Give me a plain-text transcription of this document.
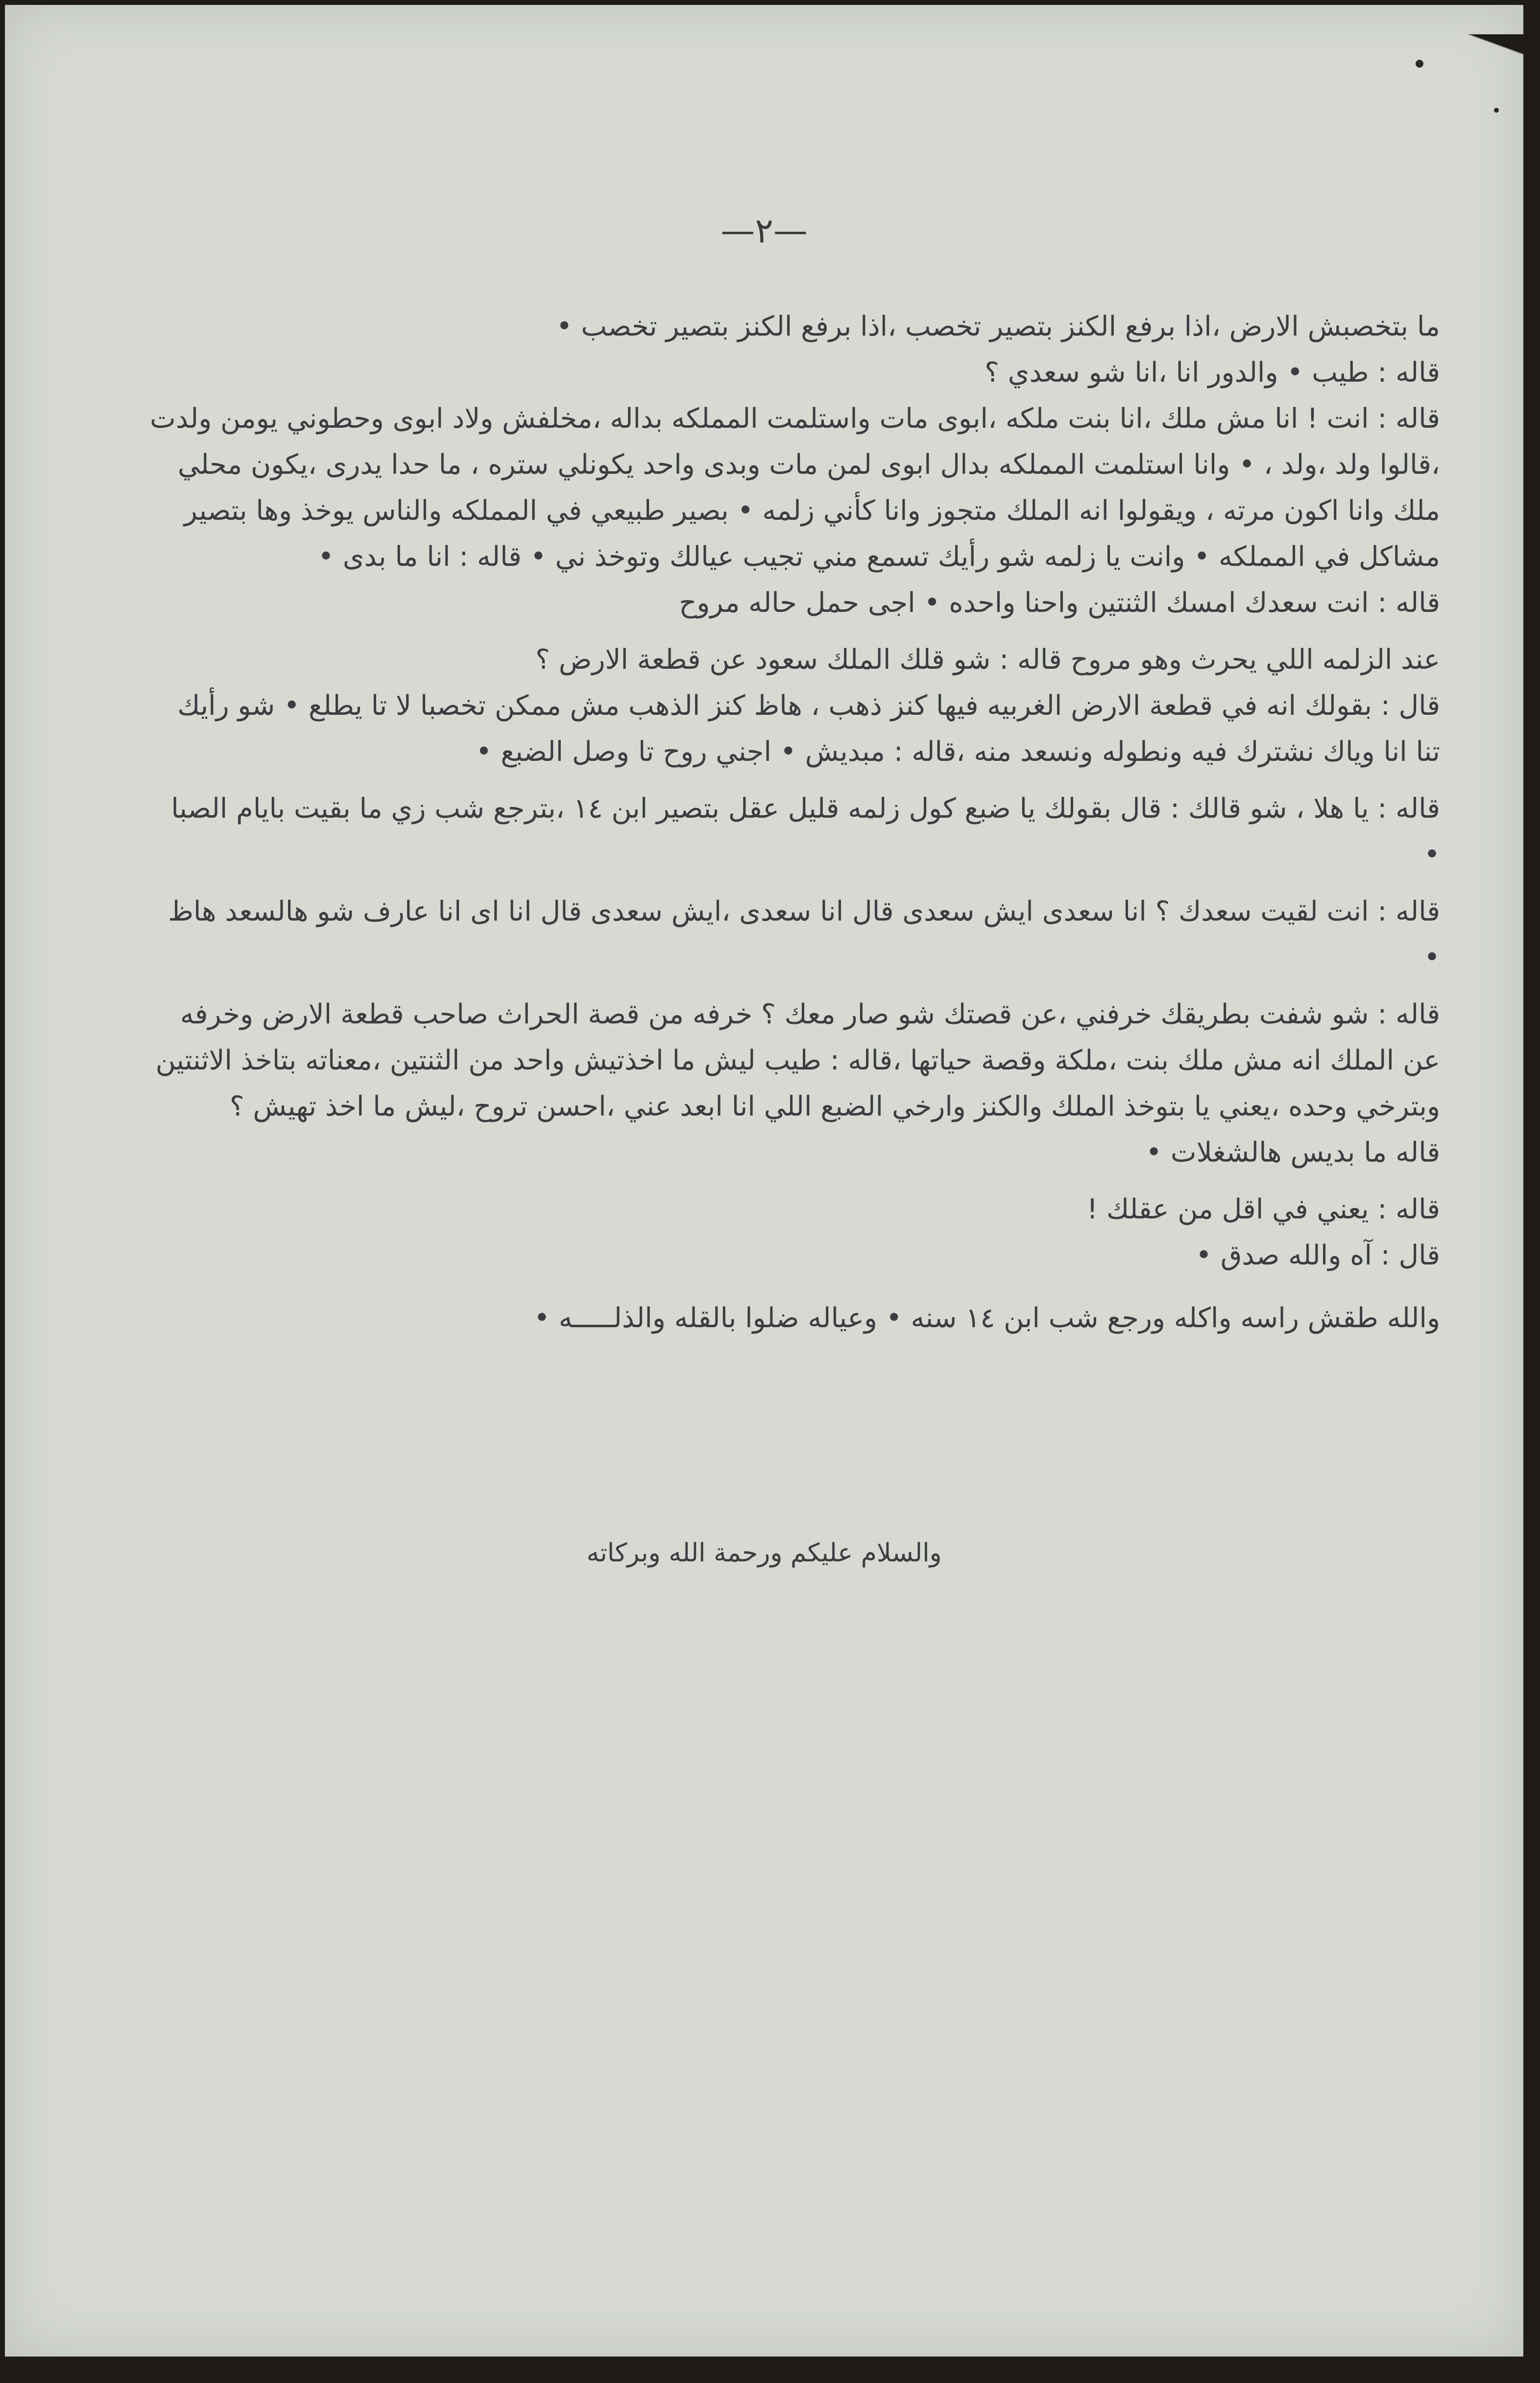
—٢—

ما بتخصبش الارض ،اذا برفع الكنز بتصير تخصب ،اذا برفع الكنز بتصير تخصب •

قاله : طيب • والدور انا ،انا شو سعدي ؟

قاله : انت ! انا مش ملك ،انا بنت ملكه ،ابوى مات واستلمت المملكه بداله ،مخلفش ولاد ابوى وحطوني يومن ولدت ،قالوا ولد ،ولد ، • وانا استلمت المملكه بدال ابوى لمن مات وبدى واحد يكونلي ستره ، ما حدا يدرى ،يكون محلي ملك وانا اكون مرته ، ويقولوا انه الملك متجوز وانا كأني زلمه • بصير طبيعي في المملكه والناس يوخذ وها بتصير مشاكل في المملكه • وانت يا زلمه شو رأيك تسمع مني تجيب عيالك وتوخذ ني • قاله : انا ما بدى •

قاله : انت سعدك امسك الثنتين واحنا واحده • اجى حمل حاله مروح

عند الزلمه اللي يحرث وهو مروح قاله : شو قلك الملك سعود عن قطعة الارض ؟

قال : بقولك انه في قطعة الارض الغربيه فيها كنز ذهب ، هاظ كنز الذهب مش ممكن تخصبا لا تا يطلع • شو رأيك تنا انا وياك نشترك فيه ونطوله ونسعد منه ،قاله : مبديش • اجني روح تا وصل الضبع •

قاله : يا هلا ، شو قالك : قال بقولك يا ضبع كول زلمه قليل عقل بتصير ابن ١٤ ،بترجع شب زي ما بقيت بايام الصبا •

قاله : انت لقيت سعدك ؟ انا سعدى ايش سعدى قال انا سعدى ،ايش سعدى قال انا اى انا عارف شو هالسعد هاظ •

قاله : شو شفت بطريقك خرفني ،عن قصتك شو صار معك ؟ خرفه من قصة الحراث صاحب قطعة الارض وخرفه عن الملك انه مش ملك بنت ،ملكة وقصة حياتها ،قاله : طيب ليش ما اخذتيش واحد من الثنتين ،معناته بتاخذ الاثنتين وبترخي وحده ،يعني يا بتوخذ الملك والكنز وارخي الضبع اللي انا ابعد عني ،احسن تروح ،ليش ما اخذ تهيش ؟

قاله ما بديس هالشغلات •

قاله : يعني في اقل من عقلك !

قال : آه والله صدق •

والله طقش راسه واكله ورجع شب ابن ١٤ سنه • وعياله ضلوا بالقله والذلـــــه •

والسلام عليكم ورحمة الله وبركاته
